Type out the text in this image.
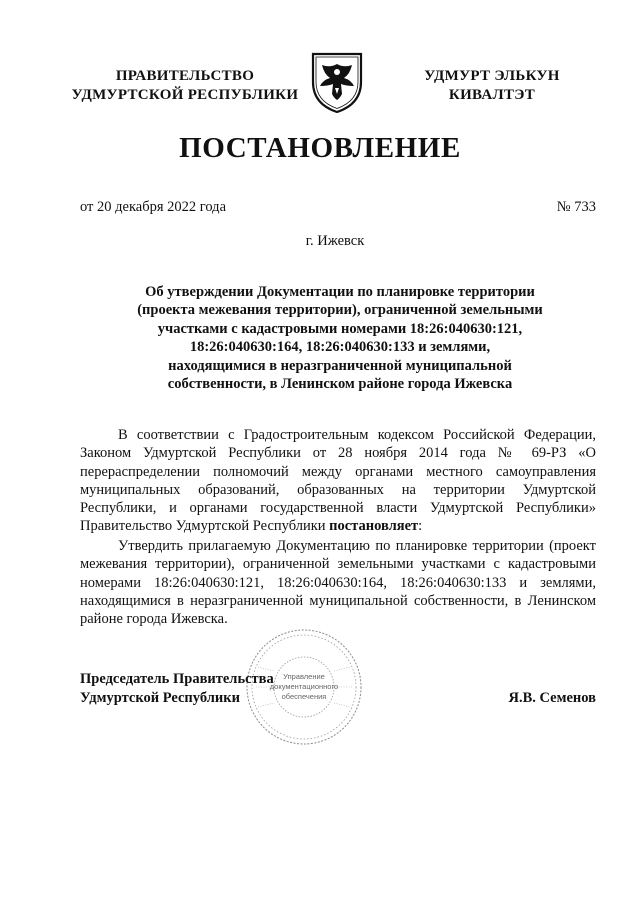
ПРАВИТЕЛЬСТВО
УДМУРТСКОЙ РЕСПУБЛИКИ
УДМУРТ ЭЛЬКУН
КИВАЛТЭТ
ПОСТАНОВЛЕНИЕ
от 20 декабря 2022 года	№ 733
г. Ижевск
Об утверждении Документации по планировке территории
(проекта межевания территории), ограниченной земельными
участками с кадастровыми номерами 18:26:040630:121,
18:26:040630:164, 18:26:040630:133 и землями,
находящимися в неразграниченной муниципальной
собственности, в Ленинском районе города Ижевска
В соответствии с Градостроительным кодексом Российской Федерации, Законом Удмуртской Республики от 28 ноября 2014 года № 69-РЗ «О перераспределении полномочий между органами местного самоуправления муниципальных образований, образованных на территории Удмуртской Республики, и органами государственной власти Удмуртской Республики» Правительство Удмуртской Республики постановляет:
Утвердить прилагаемую Документацию по планировке территории (проект межевания территории), ограниченной земельными участками с кадастровыми номерами 18:26:040630:121, 18:26:040630:164, 18:26:040630:133 и землями, находящимися в неразграниченной муниципальной собственности, в Ленинском районе города Ижевска.
Управление
документационного
обеспечения
Председатель Правительства
Удмуртской Республики	Я.В. Семенов
